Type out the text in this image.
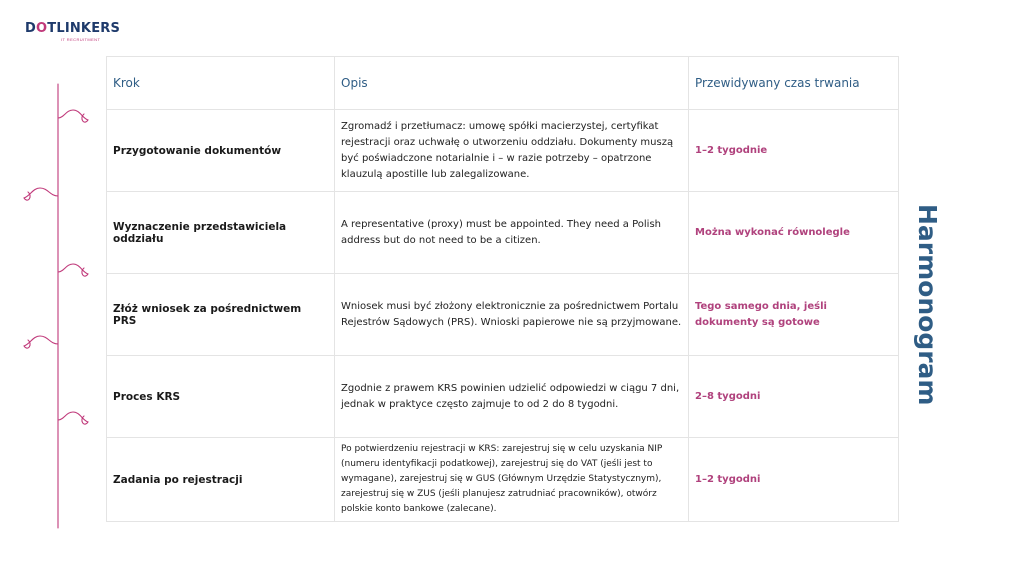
DOTLINKERS
IT RECRUITMENT
Krok	Opis	Przewidywany czas trwania
Przygotowanie dokumentów	Zgromadź i przetłumacz: umowę spółki macierzystej, certyfikat rejestracji oraz uchwałę o utworzeniu oddziału. Dokumenty muszą być poświadczone notarialnie i – w razie potrzeby – opatrzone klauzulą apostille lub zalegalizowane.	1–2 tygodnie
Wyznaczenie przedstawiciela oddziału	A representative (proxy) must be appointed. They need a Polish address but do not need to be a citizen.	Można wykonać równolegle
Złóż wniosek za pośrednictwem PRS	Wniosek musi być złożony elektronicznie za pośrednictwem Portalu Rejestrów Sądowych (PRS). Wnioski papierowe nie są przyjmowane.	Tego samego dnia, jeśli dokumenty są gotowe
Proces KRS	Zgodnie z prawem KRS powinien udzielić odpowiedzi w ciągu 7 dni, jednak w praktyce często zajmuje to od 2 do 8 tygodni.	2–8 tygodni
Zadania po rejestracji	Po potwierdzeniu rejestracji w KRS: zarejestruj się w celu uzyskania NIP (numeru identyfikacji podatkowej), zarejestruj się do VAT (jeśli jest to wymagane), zarejestruj się w GUS (Głównym Urzędzie Statystycznym), zarejestruj się w ZUS (jeśli planujesz zatrudniać pracowników), otwórz polskie konto bankowe (zalecane).	1–2 tygodni
Harmonogram
